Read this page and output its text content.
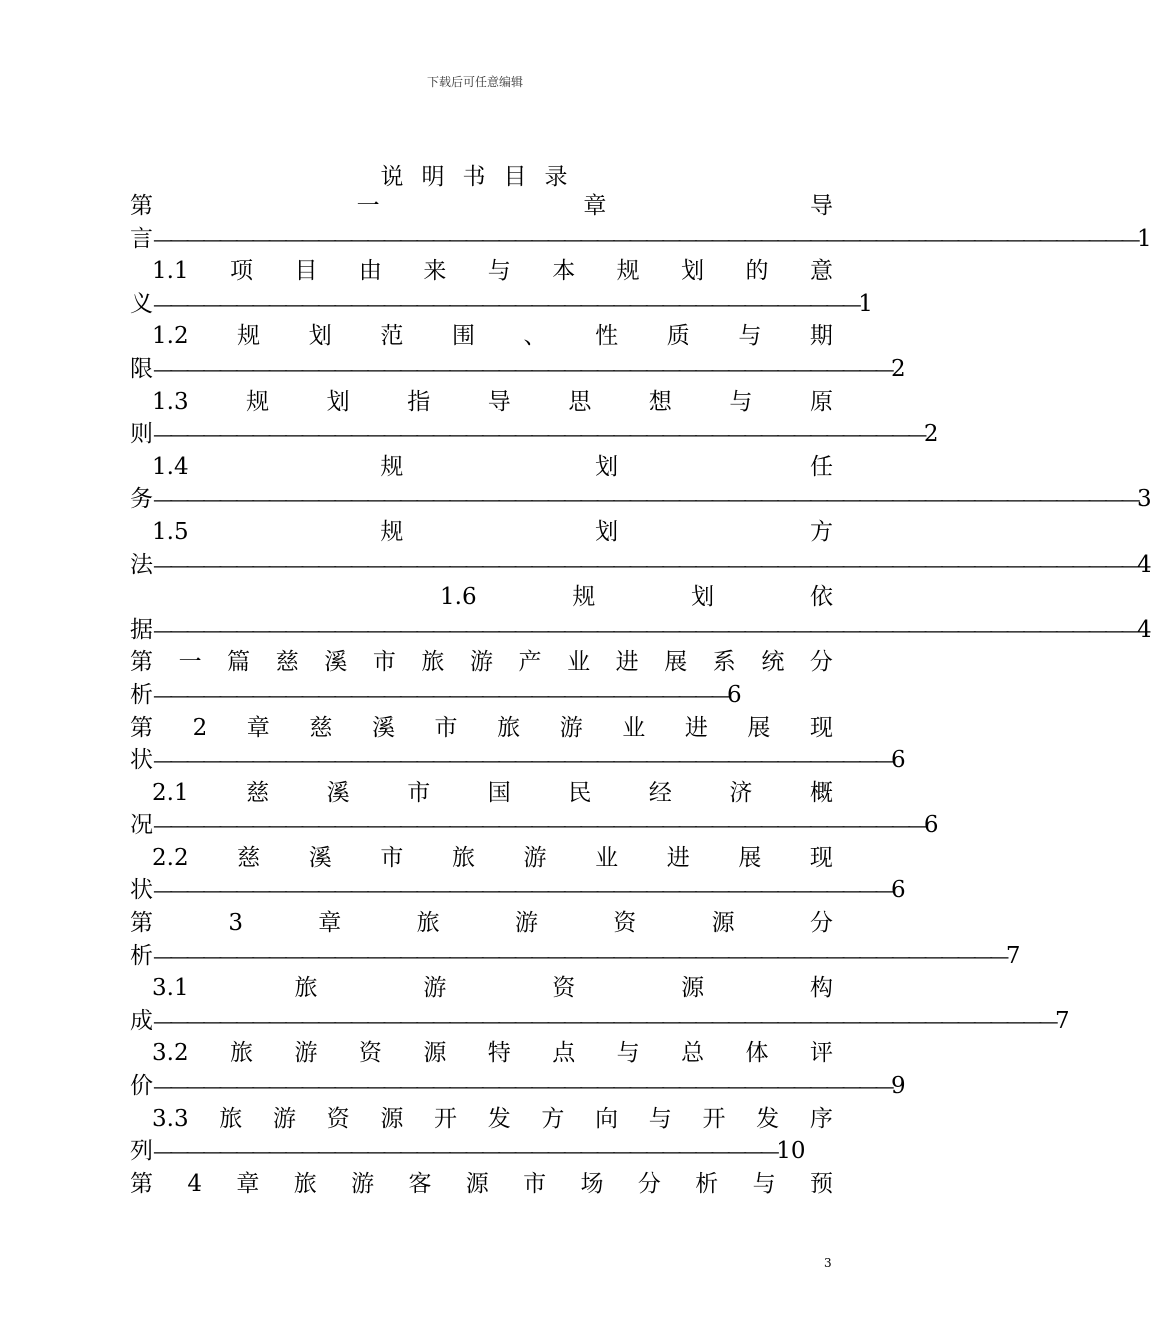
下载后可任意编辑
说明书目录
第	一	章	导
言————————————————————————————————————————————————————————————1
1.1 项 目 由 来 与 本 规 划 的 意
义———————————————————————————————————————————1
1.2 规 划 范 围 、 性 质 与 期
限—————————————————————————————————————————————2
1.3	规	划	指	导	思	想	与	原
则———————————————————————————————————————————————2
1.4	规	划	任
务————————————————————————————————————————————————————————————3
1.5	规	划	方
法————————————————————————————————————————————————————————————4
1.6	规	划	依
据————————————————————————————————————————————————————————————4
第 一 篇 慈 溪 市 旅 游 产 业 进 展 系 统 分
析———————————————————————————————————6
第 2 章 慈 溪 市 旅 游 业 进 展 现
状—————————————————————————————————————————————6
2.1	慈	溪	市	国	民	经	济	概
况———————————————————————————————————————————————6
2.2 慈 溪 市 旅 游 业 进 展 现
状—————————————————————————————————————————————6
第	3	章	旅	游	资	源	分
析————————————————————————————————————————————————————7
3.1	旅	游	资	源	构
成———————————————————————————————————————————————————————7
3.2 旅 游 资 源 特 点 与 总 体 评
价—————————————————————————————————————————————9
3.3 旅 游 资 源 开 发 方 向 与 开 发 序
列——————————————————————————————————————10
第 4 章 旅 游 客 源 市 场 分 析 与 预
3
